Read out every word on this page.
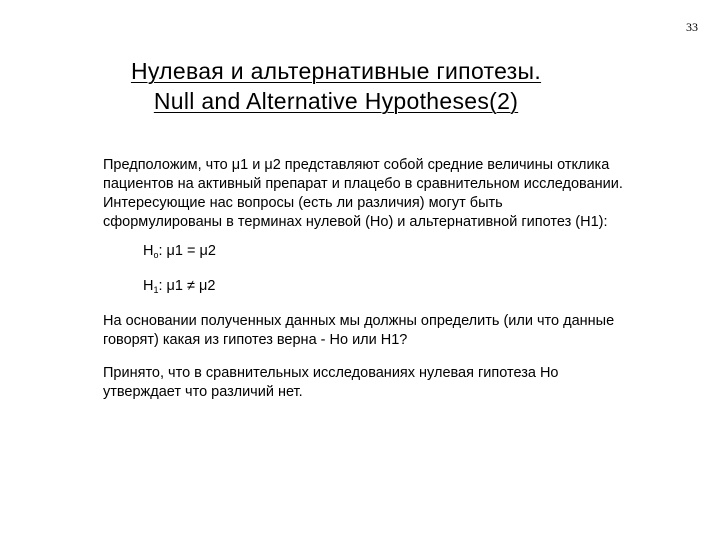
33
Нулевая и альтернативные гипотезы.
Null and Alternative Hypotheses(2)

Предположим, что μ1 и μ2 представляют собой средние величины отклика пациентов на активный препарат и плацебо в сравнительном исследовании. Интересующие нас вопросы (есть ли различия) могут быть сформулированы в терминах нулевой (Но) и альтернативной гипотез (Н1):

$H_o$: μ1 = μ2

$H_1$: μ1 ≠ μ2

На основании полученных данных мы должны определить (или что данные говорят) какая из гипотез верна - Но или Н1?

Принято, что в сравнительных исследованиях нулевая гипотеза Но утверждает что различий нет.
